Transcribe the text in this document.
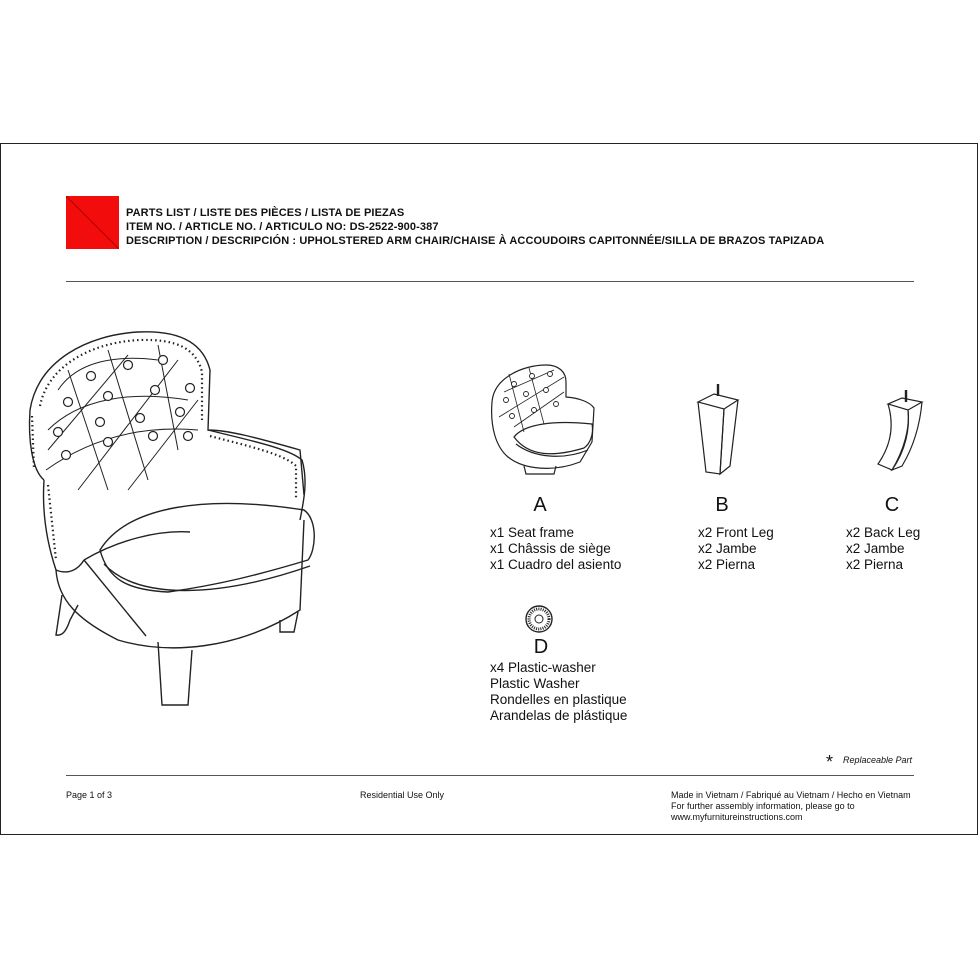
PARTS LIST / LISTE DES PIÈCES / LISTA DE PIEZAS
ITEM NO. / ARTICLE NO. / ARTICULO NO: DS-2522-900-387
DESCRIPTION / DESCRIPCIÓN : UPHOLSTERED ARM CHAIR/CHAISE À ACCOUDOIRS CAPITONNÉE/SILLA DE BRAZOS TAPIZADA
A
x1 Seat frame
x1 Châssis de siège
x1 Cuadro del asiento
B
x2 Front Leg
x2 Jambe
x2 Pierna
C
x2 Back Leg
x2 Jambe
x2 Pierna
D
x4 Plastic-washer
Plastic Washer
Rondelles en plastique
Arandelas de plástique
* Replaceable Part
Page 1 of 3	Residential Use Only	Made in Vietnam / Fabriqué au Vietnam / Hecho en Vietnam
For further assembly information, please go to
www.myfurnitureinstructions.com
